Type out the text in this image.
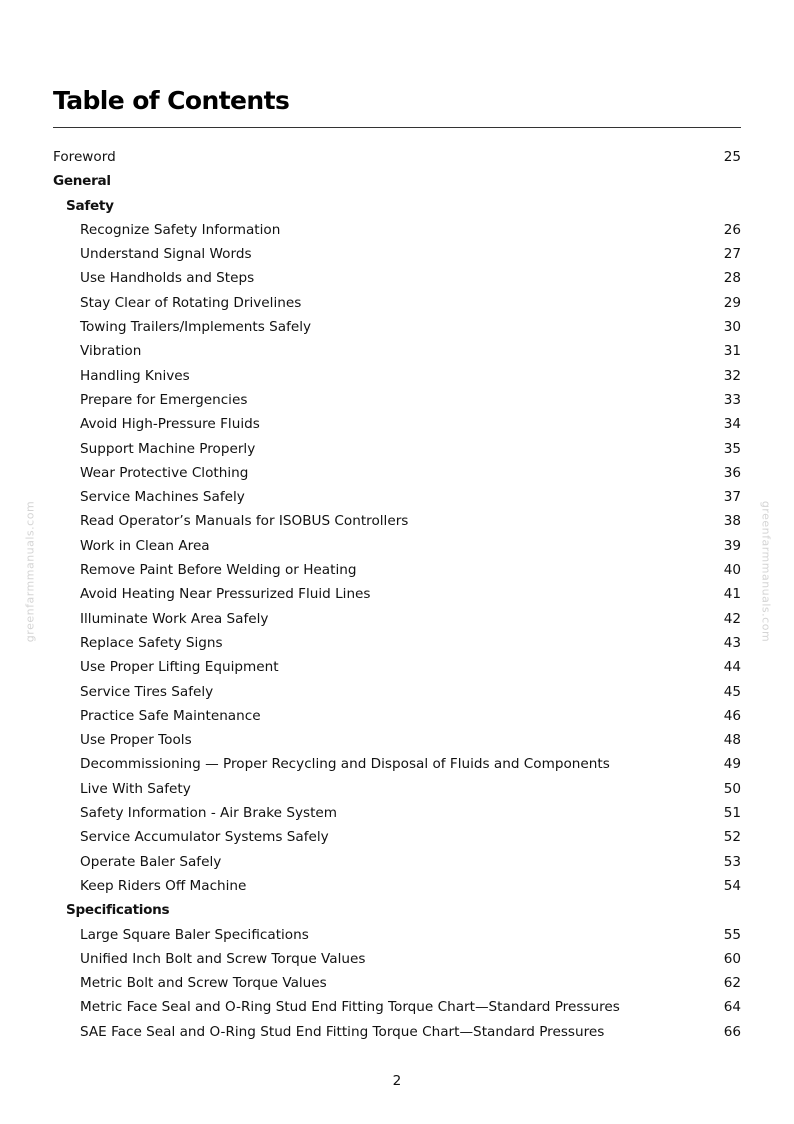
Table of Contents
Foreword	25
General
Safety
Recognize Safety Information	26
Understand Signal Words	27
Use Handholds and Steps	28
Stay Clear of Rotating Drivelines	29
Towing Trailers/Implements Safely	30
Vibration	31
Handling Knives	32
Prepare for Emergencies	33
Avoid High-Pressure Fluids	34
Support Machine Properly	35
Wear Protective Clothing	36
Service Machines Safely	37
Read Operator’s Manuals for ISOBUS Controllers	38
Work in Clean Area	39
Remove Paint Before Welding or Heating	40
Avoid Heating Near Pressurized Fluid Lines	41
Illuminate Work Area Safely	42
Replace Safety Signs	43
Use Proper Lifting Equipment	44
Service Tires Safely	45
Practice Safe Maintenance	46
Use Proper Tools	48
Decommissioning — Proper Recycling and Disposal of Fluids and Components	49
Live With Safety	50
Safety Information - Air Brake System	51
Service Accumulator Systems Safely	52
Operate Baler Safely	53
Keep Riders Off Machine	54
Specifications
Large Square Baler Specifications	55
Unified Inch Bolt and Screw Torque Values	60
Metric Bolt and Screw Torque Values	62
Metric Face Seal and O-Ring Stud End Fitting Torque Chart—Standard Pressures	64
SAE Face Seal and O-Ring Stud End Fitting Torque Chart—Standard Pressures	66
2
greenfarmmanuals.com	greenfarmmanuals.com
